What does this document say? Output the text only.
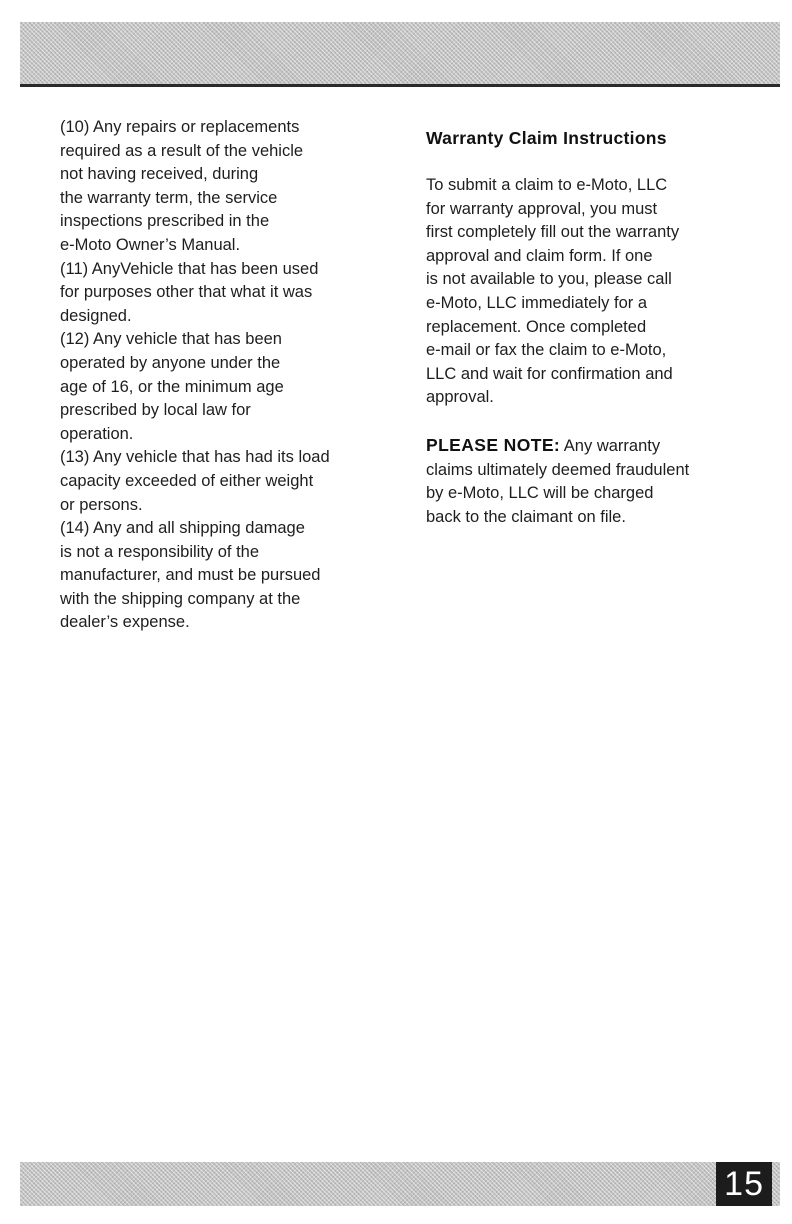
(10) Any repairs or replacements
required as a result of the vehicle
not having received, during
the warranty term, the service
inspections prescribed in the
e-Moto Owner’s Manual.
(11) AnyVehicle that has been used
for purposes other that what it was
designed.
(12) Any vehicle that has been
operated by anyone under the
age of 16, or the minimum age
prescribed by local law for
operation.
(13) Any vehicle that has had its load
capacity exceeded of either weight
or persons.
(14) Any and all shipping damage
is not a responsibility of the
manufacturer, and must be pursued
with the shipping company at the
dealer’s expense.
Warranty Claim Instructions
To submit a claim to e-Moto, LLC
for warranty approval, you must
first completely fill out the warranty
approval and claim form. If one
is not available to you, please call
e-Moto, LLC immediately for a
replacement. Once completed
e-mail or fax the claim to e-Moto,
LLC and wait for confirmation and
approval.
PLEASE NOTE: Any warranty
claims ultimately deemed fraudulent
by e-Moto, LLC will be charged
back to the claimant on file.
15
